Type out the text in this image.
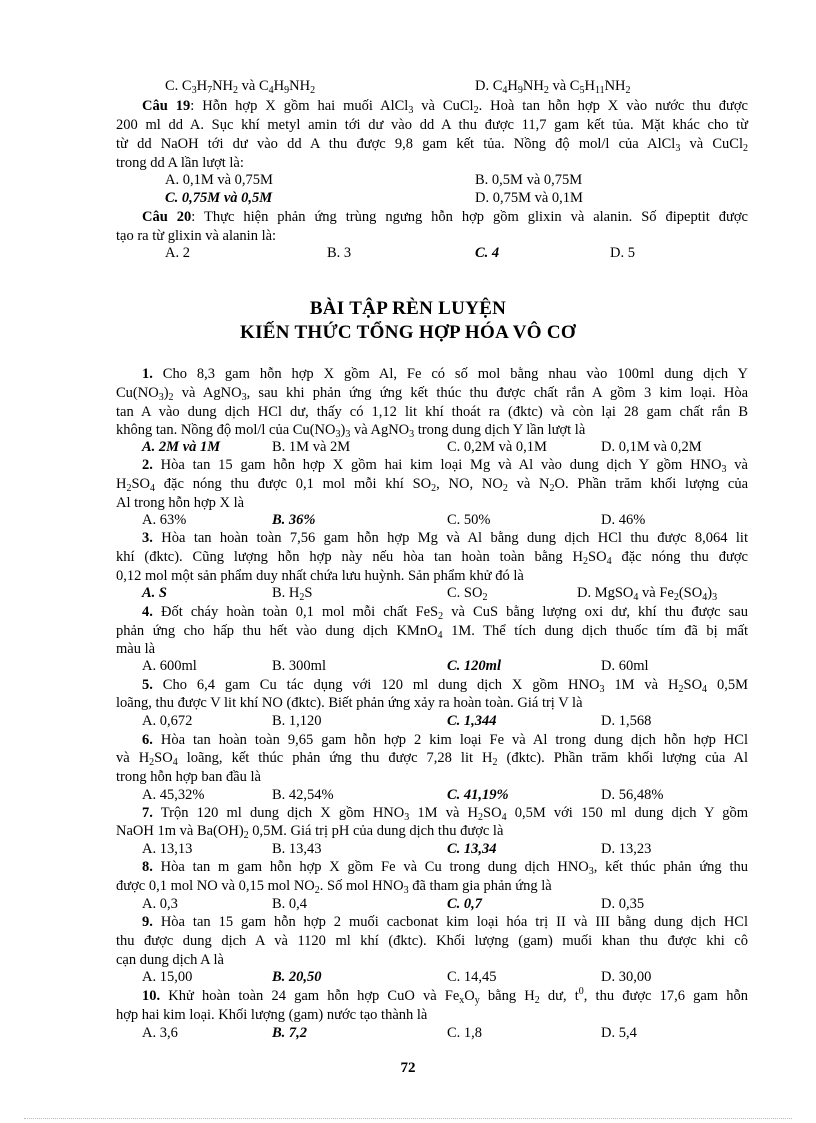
C. $C_3H_7NH_2$ và $C_4H_9NH_2$	D. $C_4H_9NH_2$ và $C_5H_{11}NH_2$
Câu 19: Hỗn hợp X gồm hai muối AlCl$_3$ và CuCl$_2$. Hoà tan hỗn hợp X vào nước thu được
200 ml dd A. Sục khí metyl amin tới dư vào dd A thu được 11,7 gam kết tủa. Mặt khác cho từ
từ dd NaOH tới dư vào dd A thu được 9,8 gam kết tủa. Nồng độ mol/l của AlCl$_3$ và CuCl$_2$
trong dd A lần lượt là:
A. 0,1M và 0,75M	B. 0,5M và 0,75M
C. 0,75M và 0,5M	D. 0,75M và 0,1M
Câu 20: Thực hiện phản ứng trùng ngưng hỗn hợp gồm glixin và alanin. Số đipeptit được
tạo ra từ glixin và alanin là:
A. 2	B. 3	C. 4	D. 5
BÀI TẬP RÈN LUYỆN
KIẾN THỨC TỔNG HỢP HÓA VÔ CƠ
1. Cho 8,3 gam hỗn hợp X gồm Al, Fe có số mol bằng nhau vào 100ml dung dịch Y
$Cu(NO_3)_2$ và AgNO$_3$, sau khi phản ứng ứng kết thúc thu được chất rắn A gồm 3 kim loại. Hòa
tan A vào dung dịch HCl dư, thấy có 1,12 lit khí thoát ra (đktc) và còn lại 28 gam chất rắn B
không tan. Nồng độ mol/l của $Cu(NO_3)_3$ và AgNO$_3$ trong dung dịch Y lần lượt là
A. 2M và 1M	B. 1M và 2M	C. 0,2M và 0,1M	D. 0,1M và 0,2M
2. Hòa tan 15 gam hỗn hợp X gồm hai kim loại Mg và Al vào dung dịch Y gồm $HNO_3$ và
$H_2SO_4$ đặc nóng thu được 0,1 mol mỗi khí $SO_2$, NO, $NO_2$ và $N_2O$. Phần trăm khối lượng của
Al trong hỗn hợp X là
A. 63%	B. 36%	C. 50%	D. 46%
3. Hòa tan hoàn toàn 7,56 gam hỗn hợp Mg và Al bằng dung dịch HCl thu được 8,064 lit
khí (đktc). Cũng lượng hỗn hợp này nếu hòa tan hoàn toàn bằng $H_2SO_4$ đặc nóng thu được
0,12 mol một sản phẩm duy nhất chứa lưu huỳnh. Sản phẩm khử đó là
A. S	B. $H_2S$	C. $SO_2$	D. MgSO$_4$ và $Fe_2(SO_4)_3$
4. Đốt cháy hoàn toàn 0,1 mol mỗi chất FeS$_2$ và CuS bằng lượng oxi dư, khí thu được sau
phản ứng cho hấp thu hết vào dung dịch KMnO$_4$ 1M. Thể tích dung dịch thuốc tím đã bị mất
màu là
A. 600ml	B. 300ml	C. 120ml	D. 60ml
5. Cho 6,4 gam Cu tác dụng với 120 ml dung dịch X gồm $HNO_3$ 1M và $H_2SO_4$ 0,5M
loãng, thu được V lit khí NO (đktc). Biết phản ứng xảy ra hoàn toàn. Giá trị V là
A. 0,672	B. 1,120	C. 1,344	D. 1,568
6. Hòa tan hoàn toàn 9,65 gam hỗn hợp 2 kim loại Fe và Al trong dung dịch hỗn hợp HCl
và $H_2SO_4$ loãng, kết thúc phản ứng thu được 7,28 lit $H_2$ (đktc). Phần trăm khối lượng của Al
trong hỗn hợp ban đầu là
A. 45,32%	B. 42,54%	C. 41,19%	D. 56,48%
7. Trộn 120 ml dung dịch X gồm $HNO_3$ 1M và $H_2SO_4$ 0,5M với 150 ml dung dịch Y gồm
NaOH 1m và $Ba(OH)_2$ 0,5M. Giá trị pH của dung dịch thu được là
A. 13,13	B. 13,43	C. 13,34	D. 13,23
8. Hòa tan m gam hỗn hợp X gồm Fe và Cu trong dung dịch $HNO_3$, kết thúc phản ứng thu
được 0,1 mol NO và 0,15 mol $NO_2$. Số mol $HNO_3$ đã tham gia phản ứng là
A. 0,3	B. 0,4	C. 0,7	D. 0,35
9. Hòa tan 15 gam hỗn hợp 2 muối cacbonat kim loại hóa trị II và III bằng dung dịch HCl
thu được dung dịch A và 1120 ml khí (đktc). Khối lượng (gam) muối khan thu được khi cô
cạn dung dịch A là
A. 15,00	B. 20,50	C. 14,45	D. 30,00
10. Khử hoàn toàn 24 gam hỗn hợp CuO và $Fe_xO_y$ bằng $H_2$ dư, $t^0$, thu được 17,6 gam hỗn
hợp hai kim loại. Khối lượng (gam) nước tạo thành là
A. 3,6	B. 7,2	C. 1,8	D. 5,4
72
